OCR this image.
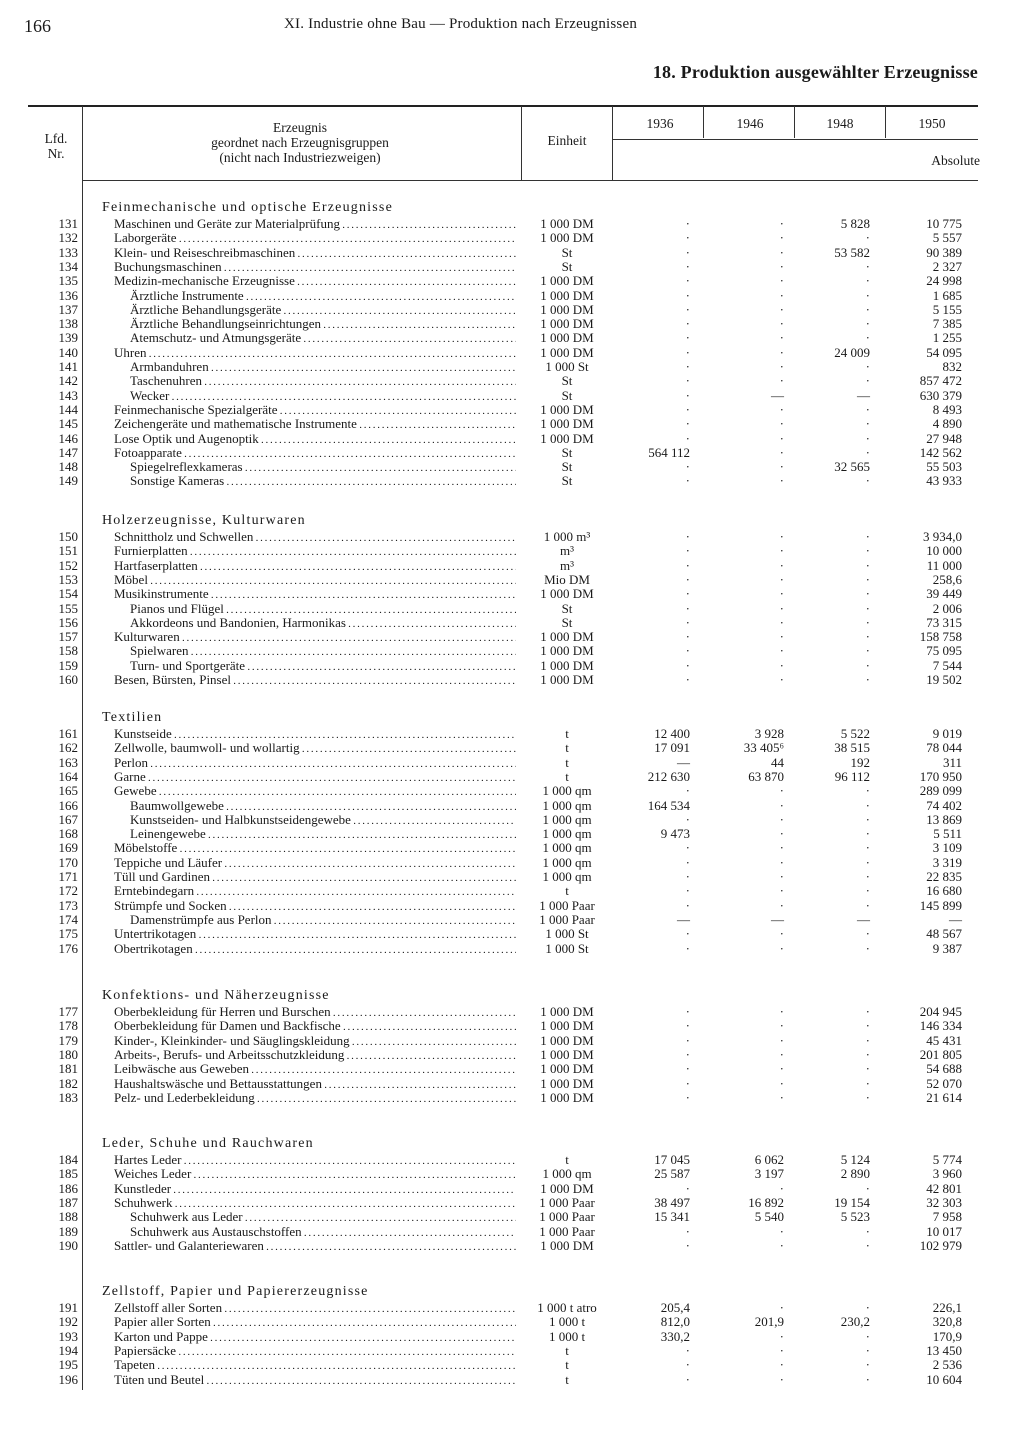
166	XI. Industrie ohne Bau — Produktion nach Erzeugnissen
18. Produktion ausgewählter Erzeugnisse
Lfd.
Nr.
Erzeugnis
geordnet nach Erzeugnisgruppen
(nicht nach Industriezweigen)
Einheit
1936	1946	1948	1950
Absolute
Feinmechanische und optische Erzeugnisse
131	Maschinen und Geräte zur Materialprüfung . . .	1 000 DM	·	·	5 828	10 775
132	Laborgeräte . . .	1 000 DM	·	·	·	5 557
133	Klein- und Reiseschreibmaschinen . . .	St	·	·	53 582	90 389
134	Buchungsmaschinen . . .	St	·	·	·	2 327
135	Medizin-mechanische Erzeugnisse . . .	1 000 DM	·	·	·	24 998
136	Ärztliche Instrumente . . .	1 000 DM	·	·	·	1 685
137	Ärztliche Behandlungsgeräte . . .	1 000 DM	·	·	·	5 155
138	Ärztliche Behandlungseinrichtungen . . .	1 000 DM	·	·	·	7 385
139	Atemschutz- und Atmungsgeräte . . .	1 000 DM	·	·	·	1 255
140	Uhren . . .	1 000 DM	·	·	24 009	54 095
141	Armbanduhren . . .	1 000 St	·	·	·	832
142	Taschenuhren . . .	St	·	·	·	857 472
143	Wecker . . .	St	·	—	—	630 379
144	Feinmechanische Spezialgeräte . . .	1 000 DM	·	·	·	8 493
145	Zeichengeräte und mathematische Instrumente . . .	1 000 DM	·	·	·	4 890
146	Lose Optik und Augenoptik . . .	1 000 DM	·	·	·	27 948
147	Fotoapparate . . .	St	564 112	·	·	142 562
148	Spiegelreflexkameras . . .	St	·	·	32 565	55 503
149	Sonstige Kameras . . .	St	·	·	·	43 933
Holzerzeugnisse, Kulturwaren
150	Schnittholz und Schwellen . . .	1 000 m³	·	·	·	3 934,0
151	Furnierplatten . . .	m³	·	·	·	10 000
152	Hartfaserplatten . . .	m³	·	·	·	11 000
153	Möbel . . .	Mio DM	·	·	·	258,6
154	Musikinstrumente . . .	1 000 DM	·	·	·	39 449
155	Pianos und Flügel . . .	St	·	·	·	2 006
156	Akkordeons und Bandonien, Harmonikas . . .	St	·	·	·	73 315
157	Kulturwaren . . .	1 000 DM	·	·	·	158 758
158	Spielwaren . . .	1 000 DM	·	·	·	75 095
159	Turn- und Sportgeräte . . .	1 000 DM	·	·	·	7 544
160	Besen, Bürsten, Pinsel . . .	1 000 DM	·	·	·	19 502
Textilien
161	Kunstseide . . .	t	12 400	3 928	5 522	9 019
162	Zellwolle, baumwoll- und wollartig . . .	t	17 091	33 405⁶	38 515	78 044
163	Perlon . . .	t	—	44	192	311
164	Garne . . .	t	212 630	63 870	96 112	170 950
165	Gewebe . . .	1 000 qm	·	·	·	289 099
166	Baumwollgewebe . . .	1 000 qm	164 534	·	·	74 402
167	Kunstseiden- und Halbkunstseidengewebe . . .	1 000 qm	·	·	·	13 869
168	Leinengewebe . . .	1 000 qm	9 473	·	·	5 511
169	Möbelstoffe . . .	1 000 qm	·	·	·	3 109
170	Teppiche und Läufer . . .	1 000 qm	·	·	·	3 319
171	Tüll und Gardinen . . .	1 000 qm	·	·	·	22 835
172	Erntebindegarn . . .	t	·	·	·	16 680
173	Strümpfe und Socken . . .	1 000 Paar	·	·	·	145 899
174	Damenstrümpfe aus Perlon . . .	1 000 Paar	—	—	—	—
175	Untertrikotagen . . .	1 000 St	·	·	·	48 567
176	Obertrikotagen . . .	1 000 St	·	·	·	9 387
Konfektions- und Näherzeugnisse
177	Oberbekleidung für Herren und Burschen . . .	1 000 DM	·	·	·	204 945
178	Oberbekleidung für Damen und Backfische . . .	1 000 DM	·	·	·	146 334
179	Kinder-, Kleinkinder- und Säuglingskleidung . . .	1 000 DM	·	·	·	45 431
180	Arbeits-, Berufs- und Arbeitsschutzkleidung . . .	1 000 DM	·	·	·	201 805
181	Leibwäsche aus Geweben . . .	1 000 DM	·	·	·	54 688
182	Haushaltswäsche und Bettausstattungen . . .	1 000 DM	·	·	·	52 070
183	Pelz- und Lederbekleidung . . .	1 000 DM	·	·	·	21 614
Leder, Schuhe und Rauchwaren
184	Hartes Leder . . .	t	17 045	6 062	5 124	5 774
185	Weiches Leder . . .	1 000 qm	25 587	3 197	2 890	3 960
186	Kunstleder . . .	1 000 DM	·	·	·	42 801
187	Schuhwerk . . .	1 000 Paar	38 497	16 892	19 154	32 303
188	Schuhwerk aus Leder . . .	1 000 Paar	15 341	5 540	5 523	7 958
189	Schuhwerk aus Austauschstoffen . . .	1 000 Paar	·	·	·	10 017
190	Sattler- und Galanteriewaren . . .	1 000 DM	·	·	·	102 979
Zellstoff, Papier und Papiererzeugnisse
191	Zellstoff aller Sorten . . .	1 000 t atro	205,4	·	·	226,1
192	Papier aller Sorten . . .	1 000 t	812,0	201,9	230,2	320,8
193	Karton und Pappe . . .	1 000 t	330,2	·	·	170,9
194	Papiersäcke . . .	t	·	·	·	13 450
195	Tapeten . . .	t	·	·	·	2 536
196	Tüten und Beutel . . .	t	·	·	·	10 604
